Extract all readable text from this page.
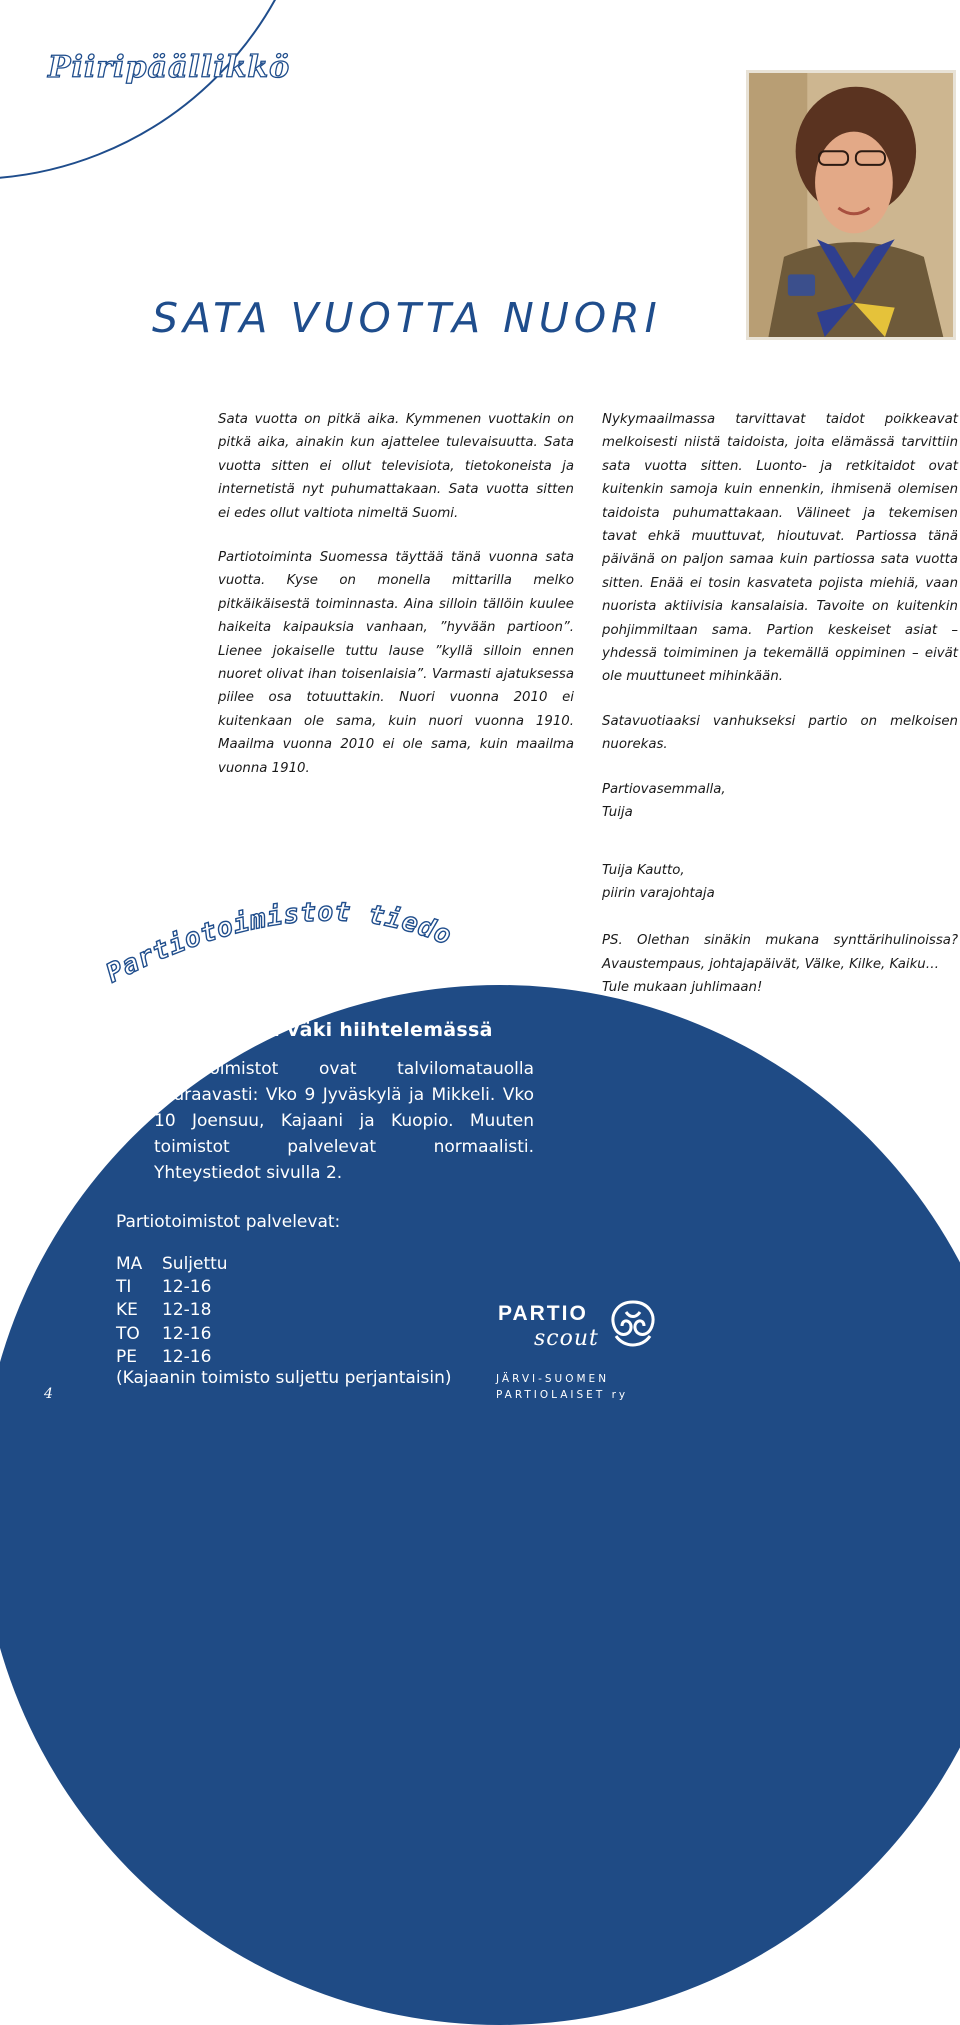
Piiripäällikkö
SATA VUOTTA NUORI

Sata vuotta on pitkä aika. Kymmenen vuottakin on pitkä aika, ainakin kun ajattelee tulevaisuutta. Sata vuotta sitten ei ollut televisiota, tietokoneista ja internetistä nyt puhumattakaan. Sata vuotta sitten ei edes ollut valtiota nimeltä Suomi.

Partiotoiminta Suomessa täyttää tänä vuonna sata vuotta. Kyse on monella mittarilla melko pitkäikäisestä toiminnasta. Aina silloin tällöin kuulee haikeita kaipauksia vanhaan, ”hyvään partioon”. Lienee jokaiselle tuttu lause ”kyllä silloin ennen nuoret olivat ihan toisenlaisia”. Varmasti ajatuksessa piilee osa totuuttakin. Nuori vuonna 2010 ei kuitenkaan ole sama, kuin nuori vuonna 1910. Maailma vuonna 2010 ei ole sama, kuin maailma vuonna 1910.

Nykymaailmassa tarvittavat taidot poikkeavat melkoisesti niistä taidoista, joita elämässä tarvittiin sata vuotta sitten. Luonto- ja retkitaidot ovat kuitenkin samoja kuin ennenkin, ihmisenä olemisen taidoista puhumattakaan. Välineet ja tekemisen tavat ehkä muuttuvat, hioutuvat. Partiossa tänä päivänä on paljon samaa kuin partiossa sata vuotta sitten. Enää ei tosin kasvateta pojista miehiä, vaan nuorista aktiivisia kansalaisia. Tavoite on kuitenkin pohjimmiltaan sama. Partion keskeiset asiat – yhdessä toimiminen ja tekemällä oppiminen – eivät ole muuttuneet mihinkään.

Satavuotiaaksi vanhukseksi partio on melkoisen nuorekas.

Partiovasemmalla,
Tuija

Tuija Kautto,
piirin varajohtaja

PS. Olethan sinäkin mukana synttärihulinoissa? Avaustempaus, johtajapäivät, Välke, Kilke, Kaiku…
Tule mukaan juhlimaan!

Partiotoimistot tiedottaa:
Toimistojen väki hiihtelemässä

Partiotoimistot ovat talvilomatauolla seuraavasti: Vko 9 Jyväskylä ja Mikkeli. Vko 10 Joensuu, Kajaani ja Kuopio. Muuten toimistot palvelevat normaalisti. Yhteystiedot sivulla 2.

Partiotoimistot palvelevat:

MA	Suljettu
TI	12-16
KE	12-18
TO	12-16
PE	12-16

(Kajaanin toimisto suljettu perjantaisin)

4

PARTIO
scout
JÄRVI-SUOMEN
PARTIOLAISET ry
